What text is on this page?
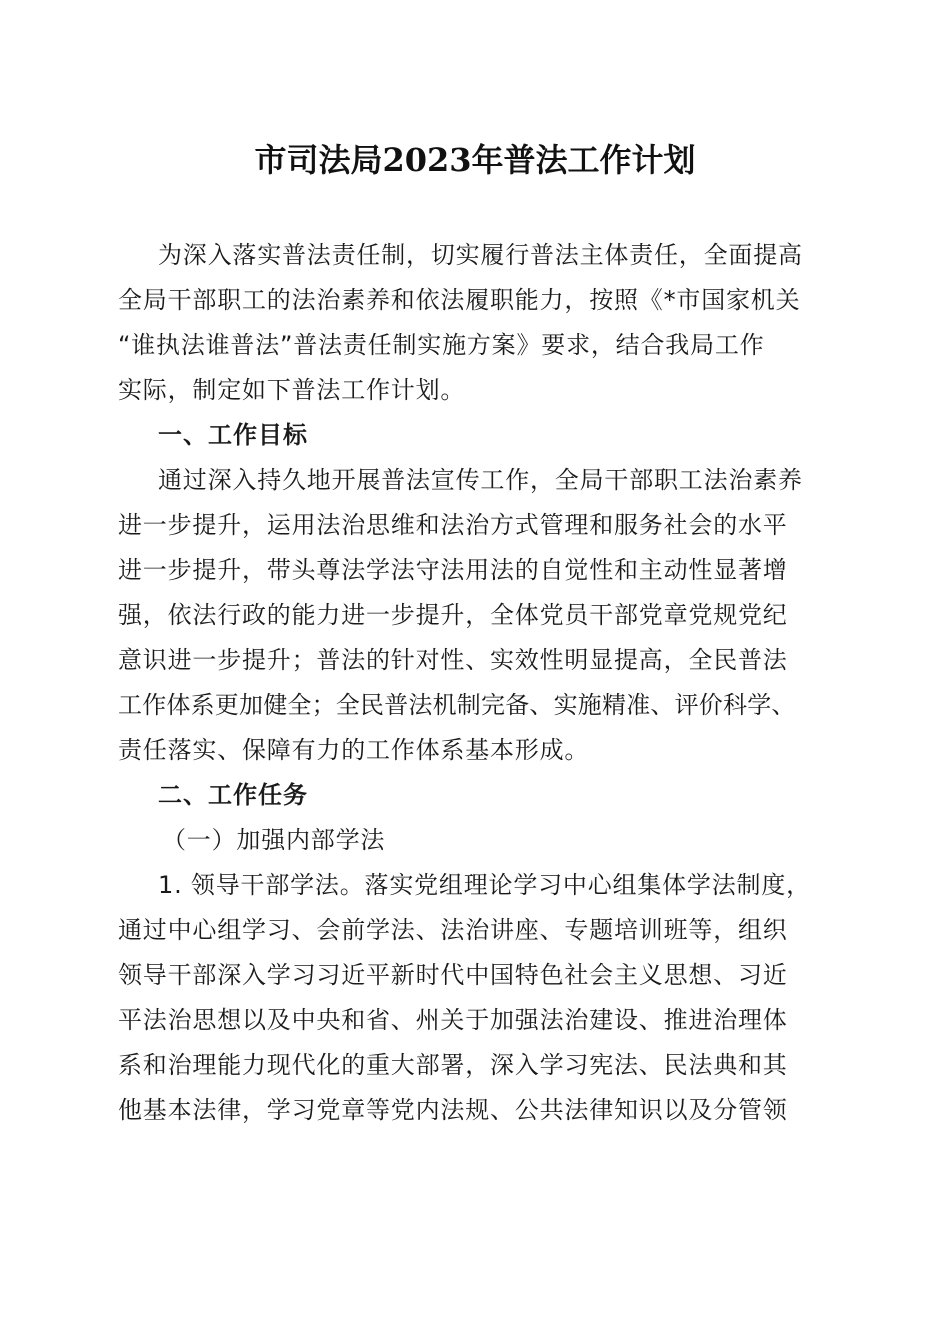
市司法局2023年普法工作计划
为深入落实普法责任制，切实履行普法主体责任，全面提高
全局干部职工的法治素养和依法履职能力，按照《*市国家机关
“谁执法谁普法”普法责任制实施方案》要求，结合我局工作
实际，制定如下普法工作计划。
一、工作目标
通过深入持久地开展普法宣传工作，全局干部职工法治素养
进一步提升，运用法治思维和法治方式管理和服务社会的水平
进一步提升，带头尊法学法守法用法的自觉性和主动性显著增
强，依法行政的能力进一步提升，全体党员干部党章党规党纪
意识进一步提升；普法的针对性、实效性明显提高，全民普法
工作体系更加健全；全民普法机制完备、实施精准、评价科学、
责任落实、保障有力的工作体系基本形成。
二、工作任务
（一）加强内部学法
1. 领导干部学法。落实党组理论学习中心组集体学法制度，
通过中心组学习、会前学法、法治讲座、专题培训班等，组织
领导干部深入学习习近平新时代中国特色社会主义思想、习近
平法治思想以及中央和省、州关于加强法治建设、推进治理体
系和治理能力现代化的重大部署，深入学习宪法、民法典和其
他基本法律，学习党章等党内法规、公共法律知识以及分管领
